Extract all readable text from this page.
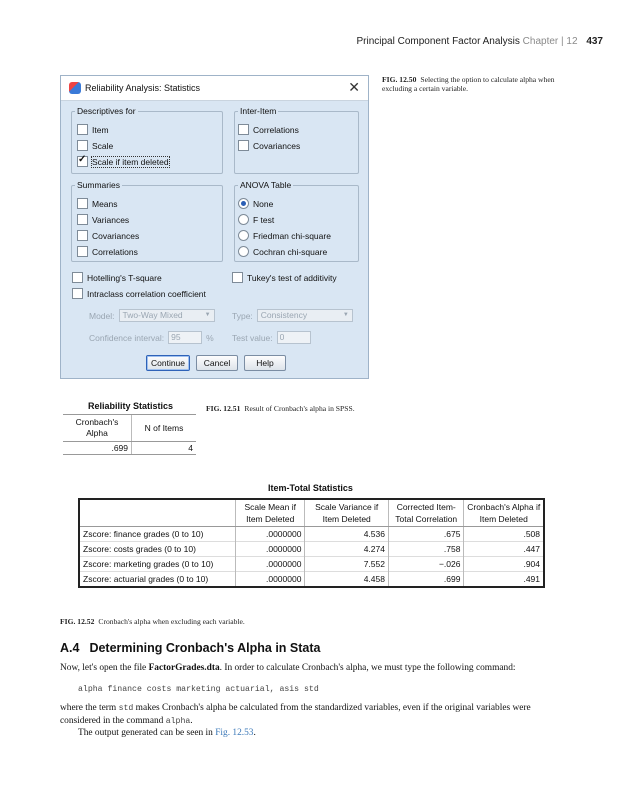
Principal Component Factor Analysis Chapter | 12 437
Reliability Analysis: Statistics	✕
Descriptives for
Item
Scale
✓
Scale if item deleted
Inter-Item
Correlations
Covariances
Summaries
Means
Variances
Covariances
Correlations
ANOVA Table
None
F test
Friedman chi-square
Cochran chi-square
Hotelling's T-square	Tukey's test of additivity
Intraclass correlation coefficient
Model: Two-Way Mixed	▼	Type: Consistency	▼
Confidence interval: 95	% Test value: 0
Continue	Cancel	Help
FIG. 12.50 Selecting the option to calculate alpha when excluding a certain variable.
Reliability Statistics
Cronbach's Alpha	N of Items
.699	4
FIG. 12.51 Result of Cronbach's alpha in SPSS.
Item-Total Statistics
	Scale Mean if Item Deleted	Scale Variance if Item Deleted	Corrected Item-Total Correlation	Cronbach's Alpha if Item Deleted
Zscore: finance grades (0 to 10)	.0000000	4.536	.675	.508
Zscore: costs grades (0 to 10)	.0000000	4.274	.758	.447
Zscore: marketing grades (0 to 10)	.0000000	7.552	−.026	.904
Zscore: actuarial grades (0 to 10)	.0000000	4.458	.699	.491
FIG. 12.52 Cronbach's alpha when excluding each variable.
A.4 Determining Cronbach's Alpha in Stata
Now, let's open the file FactorGrades.dta. In order to calculate Cronbach's alpha, we must type the following command:
alpha finance costs marketing actuarial, asis std
where the term std makes Cronbach's alpha be calculated from the standardized variables, even if the original variables were considered in the command alpha.
The output generated can be seen in Fig. 12.53.
